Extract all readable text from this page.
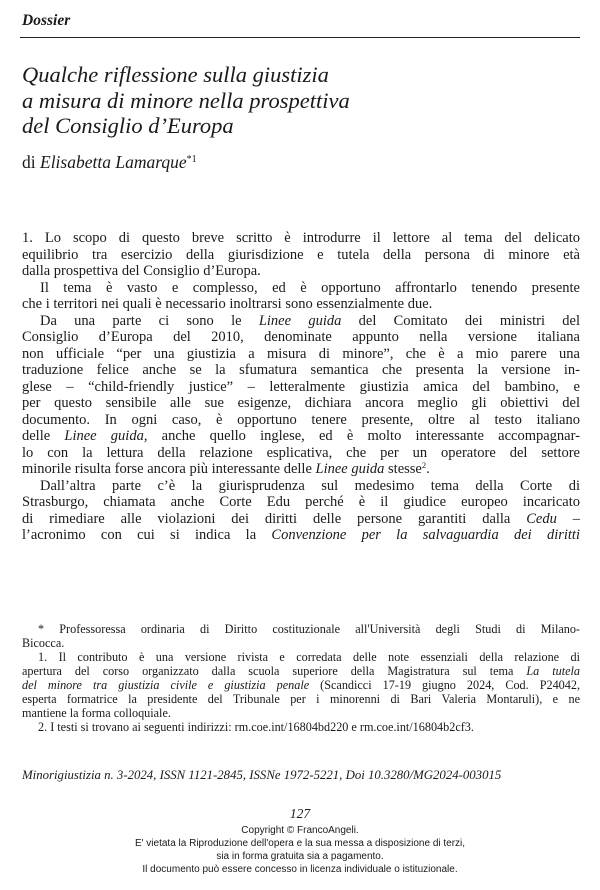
Dossier
Qualche riflessione sulla giustizia
a misura di minore nella prospettiva
del Consiglio d’Europa
di Elisabetta Lamarque$^{*1}$
1. Lo scopo di questo breve scritto è introdurre il lettore al tema del delicato
equilibrio tra esercizio della giurisdizione e tutela della persona di minore età
dalla prospettiva del Consiglio d’Europa.
Il tema è vasto e complesso, ed è opportuno affrontarlo tenendo presente
che i territori nei quali è necessario inoltrarsi sono essenzialmente due.
Da una parte ci sono le Linee guida del Comitato dei ministri del
Consiglio d’Europa del 2010, denominate appunto nella versione italiana
non ufficiale “per una giustizia a misura di minore”, che è a mio parere una
traduzione felice anche se la sfumatura semantica che presenta la versione in-
glese – “child-friendly justice” – letteralmente giustizia amica del bambino, e
per questo sensibile alle sue esigenze, dichiara ancora meglio gli obiettivi del
documento. In ogni caso, è opportuno tenere presente, oltre al testo italiano
delle Linee guida, anche quello inglese, ed è molto interessante accompagnar-
lo con la lettura della relazione esplicativa, che per un operatore del settore
minorile risulta forse ancora più interessante delle Linee guida stesse$^2$.
Dall’altra parte c’è la giurisprudenza sul medesimo tema della Corte di
Strasburgo, chiamata anche Corte Edu perché è il giudice europeo incaricato
di rimediare alle violazioni dei diritti delle persone garantiti dalla Cedu –
l’acronimo con cui si indica la Convenzione per la salvaguardia dei diritti
* Professoressa ordinaria di Diritto costituzionale all'Università degli Studi di Milano-
Bicocca.
1. Il contributo è una versione rivista e corredata delle note essenziali della relazione di
apertura del corso organizzato dalla scuola superiore della Magistratura sul tema La tutela
del minore tra giustizia civile e giustizia penale (Scandicci 17-19 giugno 2024, Cod. P24042,
esperta formatrice la presidente del Tribunale per i minorenni di Bari Valeria Montaruli), e ne
mantiene la forma colloquiale.
2. I testi si trovano ai seguenti indirizzi: rm.coe.int/16804bd220 e rm.coe.int/16804b2cf3.
Minorigiustizia n. 3-2024, ISSN 1121-2845, ISSNe 1972-5221, Doi 10.3280/MG2024-003015
127
Copyright © FrancoAngeli.
E' vietata la Riproduzione dell'opera e la sua messa a disposizione di terzi,
sia in forma gratuita sia a pagamento.
Il documento può essere concesso in licenza individuale o istituzionale.
